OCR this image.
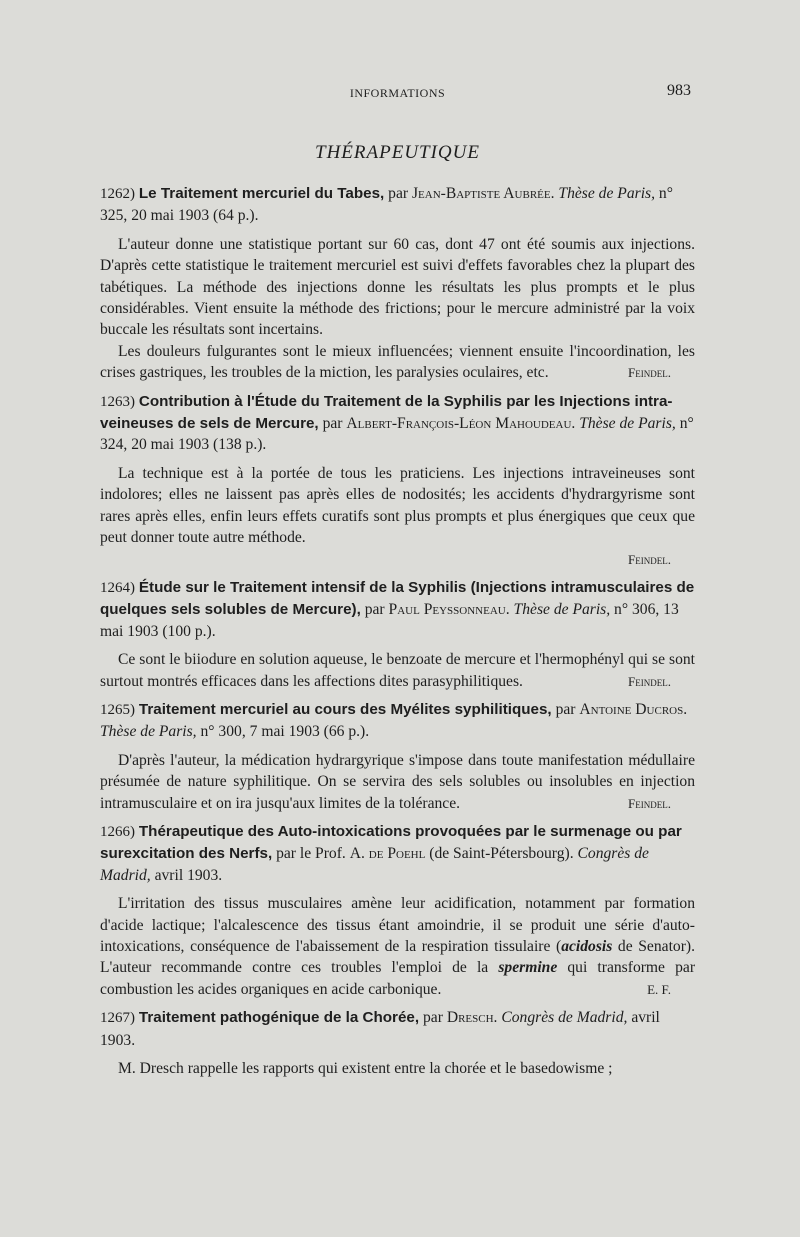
INFORMATIONS	983
THÉRAPEUTIQUE

1262) Le Traitement mercuriel du Tabes, par Jean-Baptiste Aubrée. Thèse de Paris, n° 325, 20 mai 1903 (64 p.).

L'auteur donne une statistique portant sur 60 cas, dont 47 ont été soumis aux injections. D'après cette statistique le traitement mercuriel est suivi d'effets favorables chez la plupart des tabétiques. La méthode des injections donne les résultats les plus prompts et le plus considérables. Vient ensuite la méthode des frictions; pour le mercure administré par la voix buccale les résultats sont incertains.

Les douleurs fulgurantes sont le mieux influencées; viennent ensuite l'incoordination, les crises gastriques, les troubles de la miction, les paralysies oculaires, etc.	Feindel.

1263) Contribution à l'Étude du Traitement de la Syphilis par les Injections intra-veineuses de sels de Mercure, par Albert-François-Léon Mahoudeau. Thèse de Paris, n° 324, 20 mai 1903 (138 p.).

La technique est à la portée de tous les praticiens. Les injections intraveineuses sont indolores; elles ne laissent pas après elles de nodosités; les accidents d'hydrargyrisme sont rares après elles, enfin leurs effets curatifs sont plus prompts et plus énergiques que ceux que peut donner toute autre méthode.

Feindel.

1264) Étude sur le Traitement intensif de la Syphilis (Injections intramusculaires de quelques sels solubles de Mercure), par Paul Peyssonneau. Thèse de Paris, n° 306, 13 mai 1903 (100 p.).

Ce sont le biiodure en solution aqueuse, le benzoate de mercure et l'hermophényl qui se sont surtout montrés efficaces dans les affections dites parasyphilitiques.	Feindel.

1265) Traitement mercuriel au cours des Myélites syphilitiques, par Antoine Ducros. Thèse de Paris, n° 300, 7 mai 1903 (66 p.).

D'après l'auteur, la médication hydrargyrique s'impose dans toute manifestation médullaire présumée de nature syphilitique. On se servira des sels solubles ou insolubles en injection intramusculaire et on ira jusqu'aux limites de la tolérance.	Feindel.

1266) Thérapeutique des Auto-intoxications provoquées par le surmenage ou par surexcitation des Nerfs, par le Prof. A. de Poehl (de Saint-Pétersbourg). Congrès de Madrid, avril 1903.

L'irritation des tissus musculaires amène leur acidification, notamment par formation d'acide lactique; l'alcalescence des tissus étant amoindrie, il se produit une série d'auto-intoxications, conséquence de l'abaissement de la respiration tissulaire (acidosis de Senator). L'auteur recommande contre ces troubles l'emploi de la spermine qui transforme par combustion les acides organiques en acide carbonique.	E. F.

1267) Traitement pathogénique de la Chorée, par Dresch. Congrès de Madrid, avril 1903.

M. Dresch rappelle les rapports qui existent entre la chorée et le basedowisme ;
